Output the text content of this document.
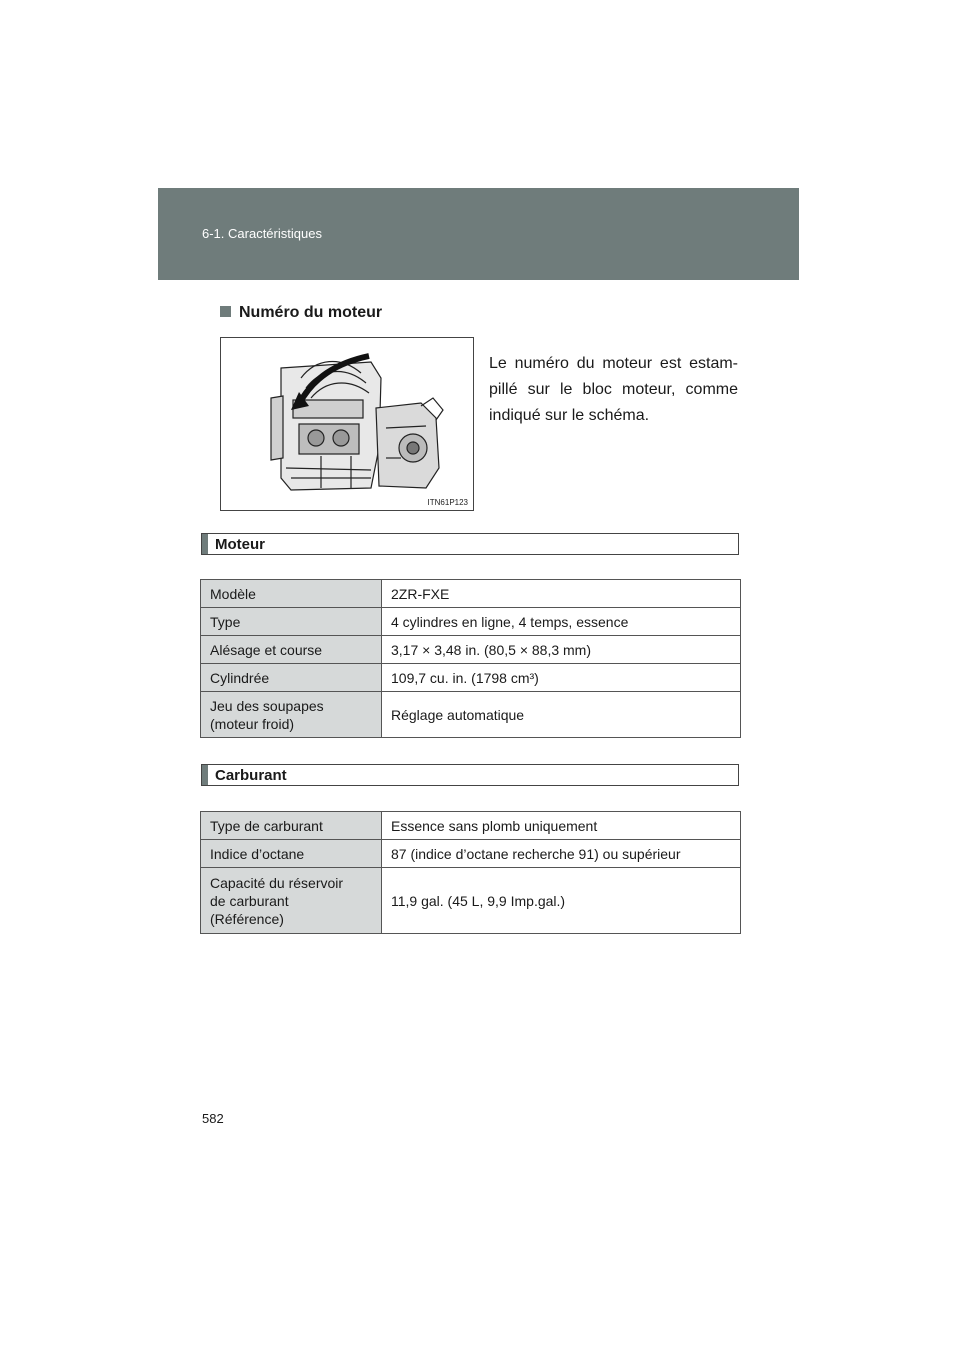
6-1. Caractéristiques
Numéro du moteur
ITN61P123
Le numéro du moteur est estam-pillé sur le bloc moteur, comme indiqué sur le schéma.
Moteur
Modèle	2ZR-FXE
Type	4 cylindres en ligne, 4 temps, essence
Alésage et course	3,17 × 3,48 in. (80,5 × 88,3 mm)
Cylindrée	109,7 cu. in. (1798 cm³)
Jeu des soupapes
(moteur froid)	Réglage automatique
Carburant
Type de carburant	Essence sans plomb uniquement
Indice d’octane	87 (indice d’octane recherche 91) ou supérieur
Capacité du réservoir
de carburant
(Référence)	11,9 gal. (45 L, 9,9 Imp.gal.)
582
